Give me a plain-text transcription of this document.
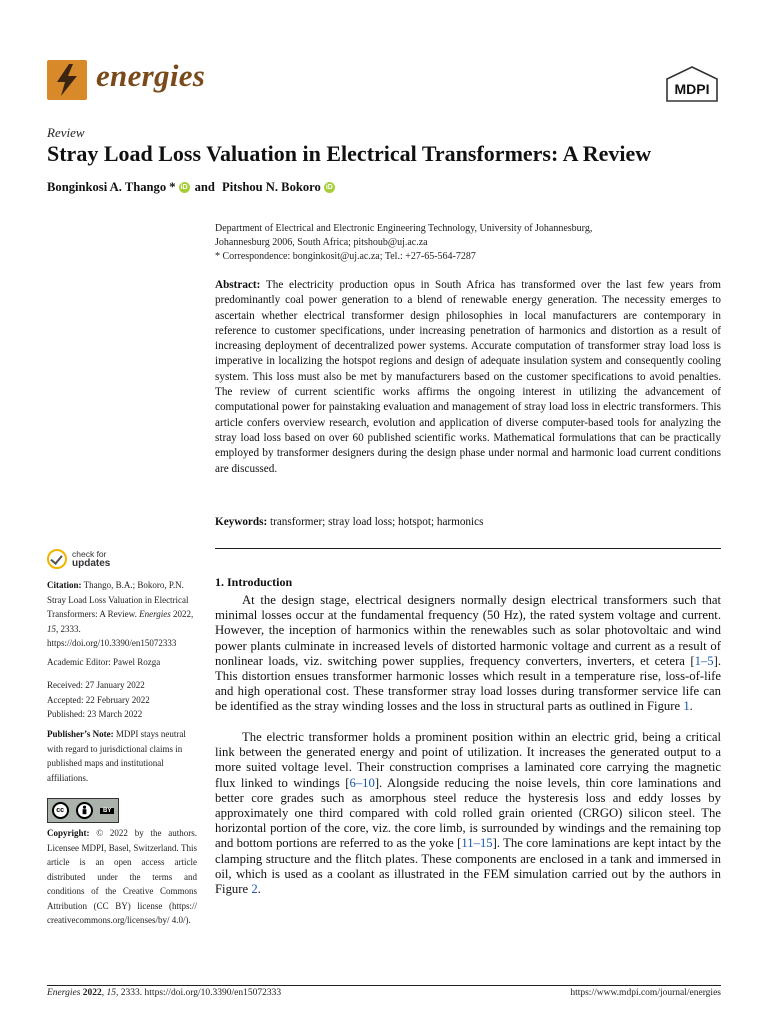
energies	MDPI
Review
Stray Load Loss Valuation in Electrical Transformers: A Review
Bonginkosi A. Thango * iD and
Pitshou N. Bokoro iD
Department of Electrical and Electronic Engineering Technology, University of Johannesburg,
Johannesburg 2006, South Africa; pitshoub@uj.ac.za
* Correspondence: bonginkosit@uj.ac.za; Tel.: +27-65-564-7287
Abstract: The electricity production opus in South Africa has transformed over the last few years from predominantly coal power generation to a blend of renewable energy generation. The necessity emerges to ascertain whether electrical transformer design philosophies in local manufacturers are contemporary in reference to customer specifications, under increasing penetration of harmonics and distortion as a result of increasing deployment of decentralized power systems. Accurate computation of transformer stray load loss is imperative in localizing the hotspot regions and design of adequate insulation system and consequently cooling system. This loss must also be met by manufacturers based on the customer specifications to avoid penalties. The review of current scientific works affirms the ongoing interest in utilizing the advancement of computational power for painstaking evaluation and management of stray load loss in electric transformers. This article confers overview research, evolution and application of diverse computer-based tools for analyzing the stray load loss based on over 60 published scientific works. Mathematical formulations that can be practically employed by transformer designers during the design phase under normal and harmonic load current conditions are discussed.
Keywords: transformer; stray load loss; hotspot; harmonics
check for
updates
Citation: Thango, B.A.; Bokoro, P.N. Stray Load Loss Valuation in Electrical Transformers: A Review. Energies 2022, 15, 2333. https://doi.org/10.3390/en15072333
Academic Editor: Pawel Rozga
Received: 27 January 2022
Accepted: 22 February 2022
Published: 23 March 2022
Publisher’s Note: MDPI stays neutral with regard to jurisdictional claims in published maps and institutional affiliations.
cc	BY
Copyright: © 2022 by the authors. Licensee MDPI, Basel, Switzerland. This article is an open access article distributed under the terms and conditions of the Creative Commons Attribution (CC BY) license (https:// creativecommons.org/licenses/by/ 4.0/).
1. Introduction

At the design stage, electrical designers normally design electrical transformers such that minimal losses occur at the fundamental frequency (50 Hz), the rated system voltage and current. However, the inception of harmonics within the renewables such as solar photovoltaic and wind power plants culminate in increased levels of distorted harmonic voltage and current as a result of nonlinear loads, viz. switching power supplies, frequency converters, inverters, et cetera [1–5]. This distortion ensues transformer harmonic losses which result in a temperature rise, loss-of-life and high operational cost. These transformer stray load losses during transformer service life can be identified as the stray winding losses and the loss in structural parts as outlined in Figure 1.

The electric transformer holds a prominent position within an electric grid, being a critical link between the generated energy and point of utilization. It increases the generated output to a more suited voltage level. Their construction comprises a laminated core carrying the magnetic flux linked to windings [6–10]. Alongside reducing the noise levels, thin core laminations and better core grades such as amorphous steel reduce the hysteresis loss and eddy losses by approximately one third compared with cold rolled grain oriented (CRGO) silicon steel. The horizontal portion of the core, viz. the core limb, is surrounded by windings and the remaining top and bottom portions are referred to as the yoke [11–15]. The core laminations are kept intact by the clamping structure and the flitch plates. These components are enclosed in a tank and immersed in oil, which is used as a coolant as illustrated in the FEM simulation carried out by the authors in Figure 2.

Energies 2022, 15, 2333. https://doi.org/10.3390/en15072333	https://www.mdpi.com/journal/energies
